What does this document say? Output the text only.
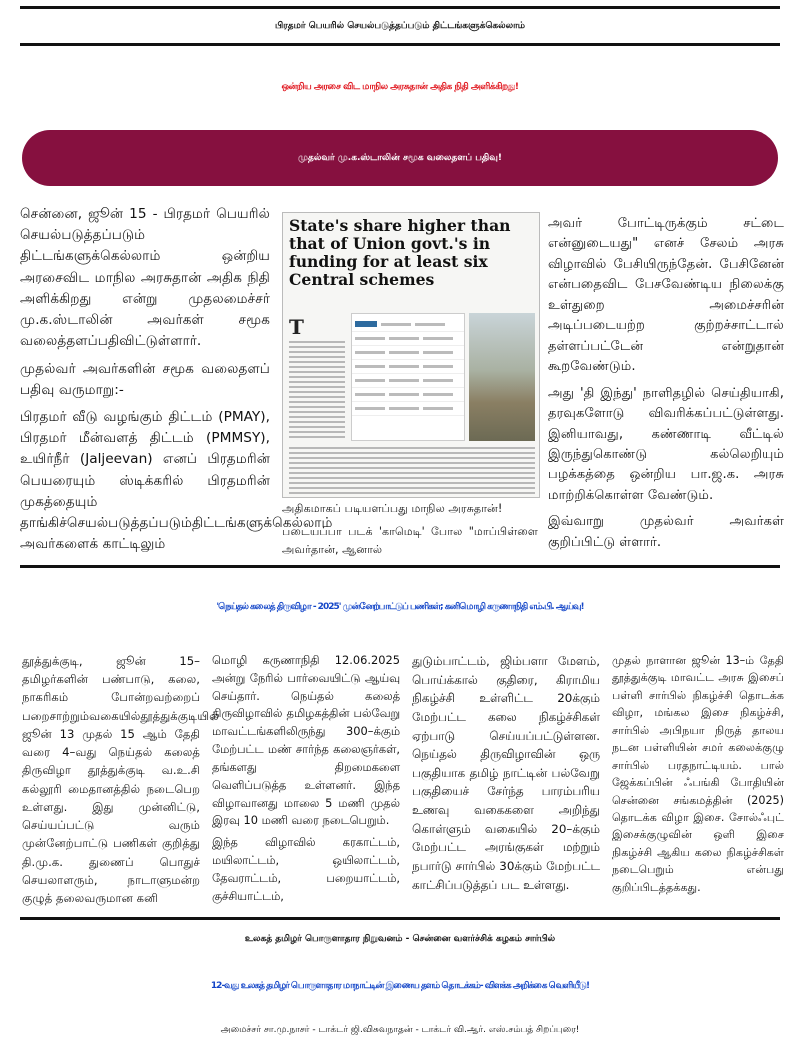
பிரதமர் பெயரில் செயல்படுத்தப்படும் திட்டங்களுக்கெல்லாம்
ஒன்றிய அரசை விட மாநில அரசுதான் அதிக நிதி அளிக்கிறது!
முதல்வர் மு.க.ஸ்டாலின் சமூக வலைதளப் பதிவு!

சென்னை, ஜூன் 15 - பிரதமர் பெயரில் செயல்படுத்தப்படும் திட்டங்களுக்கெல்லாம் ஒன்றிய அரசைவிட மாநில அரசுதான் அதிக நிதி அளிக்கிறது என்று முதலமைச்சர் மு.க.ஸ்டாலின் அவர்கள் சமூக வலைத்தளப்பதிவிட்டுள்ளார்.

முதல்வர் அவர்களின் சமூக வலைதளப் பதிவு வருமாறு:-

பிரதமர் வீடு வழங்கும் திட்டம் (PMAY), பிரதமர் மீன்வளத் திட்டம் (PMMSY), உயிர்நீர் (Jaljeevan) எனப் பிரதமரின் பெயரையும் ஸ்டிக்கரில் பிரதமரின் முகத்தையும் தாங்கிச்செயல்படுத்தப்படும்திட்டங்களுக்கெல்லாம் அவர்களைக் காட்டிலும்

State's share higher than that of Union govt.'s in funding for at least six Central schemes
T

அதிகமாகப் படியளப்பது மாநில அரசுதான்!

படையப்பா படக் 'காமெடி' போல "மாப்பிள்ளை அவர்தான், ஆனால்

அவர் போட்டிருக்கும் சட்டை என்னுடையது" எனச் சேலம் அரசு விழாவில் பேசியிருந்தேன். பேசினேன் என்பதைவிட பேசவேண்டிய நிலைக்கு உள்துறை அமைச்சரின் அடிப்படையற்ற குற்றச்சாட்டால் தள்ளப்பட்டேன் என்றுதான் கூறவேண்டும்.

அது 'தி இந்து' நாளிதழில் செய்தியாகி, தரவுகளோடு விவரிக்கப்பட்டுள்ளது. இனியாவது, கண்ணாடி வீட்டில் இருந்துகொண்டு கல்லெறியும் பழக்கத்தை ஒன்றிய பா.ஜ.க. அரசு மாற்றிக்கொள்ள வேண்டும்.

இவ்வாறு முதல்வர் அவர்கள் குறிப்பிட்டு ள்ளார்.

'நெய்தல் கலைத் திருவிழா - 2025' முன்னேற்பாட்டுப் பணிகள்; கனிமொழி கருணாநிதி எம்.பி. ஆய்வு!

தூத்துக்குடி, ஜூன் 15– தமிழர்களின் பண்பாடு, கலை, நாகரிகம் போன்றவற்றைப் பறைசாற்றும்வகையில்தூத்துக்குடியில் ஜூன் 13 முதல் 15 ஆம் தேதி வரை 4–வது நெய்தல் கலைத் திருவிழா தூத்துக்குடி வ.உ.சி கல்லூரி மைதானத்தில் நடைபெற உள்ளது. இது முன்னிட்டு, செய்யப்பட்டு வரும் முன்னேற்பாட்டு பணிகள் குறித்து தி.மு.க. துணைப் பொதுச் செயலாளரும், நாடாளுமன்ற குழுத் தலைவருமான கனி

மொழி கருணாநிதி 12.06.2025 அன்று நேரில் பார்வையிட்டு ஆய்வு செய்தார். நெய்தல் கலைத் திருவிழாவில் தமிழகத்தின் பல்வேறு மாவட்டங்களிலிருந்து 300–க்கும் மேற்பட்ட மண் சார்ந்த கலைஞர்கள், தங்களது திறமைகளை வெளிப்படுத்த உள்ளனர். இந்த விழாவானது மாலை 5 மணி முதல் இரவு 10 மணி வரை நடைபெறும்.

இந்த விழாவில் கரகாட்டம், மயிலாட்டம், ஒயிலாட்டம், தேவராட்டம், பறையாட்டம், குச்சியாட்டம்,

துடும்பாட்டம், ஜிம்பளா மேளம், பொய்க்கால் குதிரை, கிராமிய நிகழ்ச்சி உள்ளிட்ட 20க்கும் மேற்பட்ட கலை நிகழ்ச்சிகள் ஏற்பாடு செய்யப்பட்டுள்ளன. நெய்தல் திருவிழாவின் ஒரு பகுதியாக தமிழ் நாட்டின் பல்வேறு பகுதியைச் சேர்ந்த பாரம்பரிய உணவு வகைகளை அறிந்து கொள்ளும் வகையில் 20–க்கும் மேற்பட்ட அரங்குகள் மற்றும் நபார்டு சார்பில் 30க்கும் மேற்பட்ட காட்சிப்படுத்தப் பட உள்ளது.

முதல் நாளான ஜூன் 13–ம் தேதி தூத்துக்குடி மாவட்ட அரசு இசைப் பள்ளி சார்பில் நிகழ்ச்சி தொடக்க விழா, மங்கல இசை நிகழ்ச்சி, சார்பில் அபிநயா நிருத் தாலய நடன பள்ளியின் சமர் கலைக்குழு சார்பில் பரதநாட்டியம். பால் ஜேக்கப்பின் ஃபங்கி போதியின் சென்னை சங்கமத்தின் (2025) தொடக்க விழா இசை. சோல்ஃபுட் இசைக்குழுவின் ஒளி இசை நிகழ்ச்சி ஆகிய கலை நிகழ்ச்சிகள் நடைபெறும் என்பது குறிப்பிடத்தக்கது.

உலகத் தமிழர் பொருளாதார நிறுவனம் - சென்னை வளர்ச்சிக் கழகம் சார்பில்
12-வது உலகத் தமிழர் பொருளாதார மாநாட்டின் இணைய தளம் தொடக்கம்- விளக்க அறிக்கை வெளியீடு!
அமைச்சர் சா.மு.நாசர் - டாக்டர் ஜி.விசுவநாதன் - டாக்டர் வி.ஆர். எஸ்.சம்பத் சிறப்புரை!
